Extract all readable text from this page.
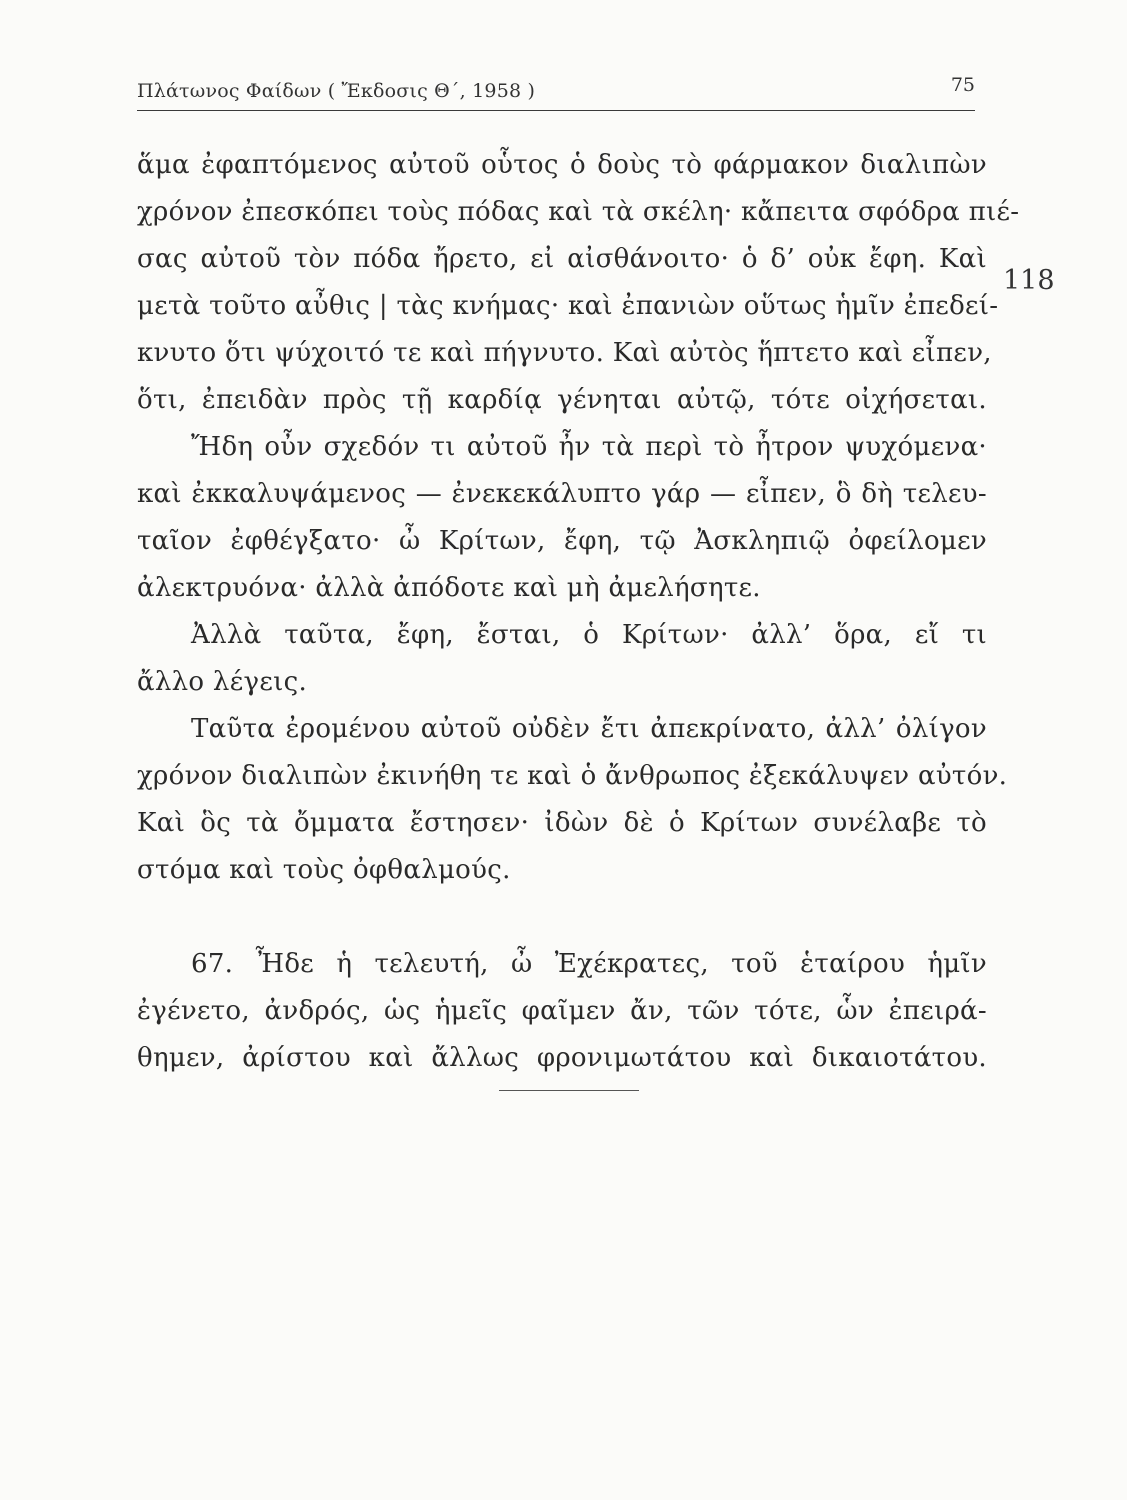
Πλάτωνος Φαίδων ( Ἔκδοσις Θ΄, 1958 )	75
118
ἅμα ἐφαπτόμενος αὐτοῦ οὗτος ὁ δοὺς τὸ φάρμακον διαλιπὼν
χρόνον ἐπεσκόπει τοὺς πόδας καὶ τὰ σκέλη· κἄπειτα σφόδρα πιέ-
σας αὐτοῦ τὸν πόδα ἤρετο, εἰ αἰσθάνοιτο· ὁ δ’ οὐκ ἔφη. Καὶ
μετὰ τοῦτο αὖθις | τὰς κνήμας· καὶ ἐπανιὼν οὕτως ἡμῖν ἐπεδεί-
κνυτο ὅτι ψύχοιτό τε καὶ πήγνυτο. Καὶ αὐτὸς ἥπτετο καὶ εἶπεν,
ὅτι, ἐπειδὰν πρὸς τῇ καρδίᾳ γένηται αὐτῷ, τότε οἰχήσεται.
Ἤδη οὖν σχεδόν τι αὐτοῦ ἦν τὰ περὶ τὸ ἦτρον ψυχόμενα·
καὶ ἐκκαλυψάμενος — ἐνεκεκάλυπτο γάρ — εἶπεν, ὃ δὴ τελευ-
ταῖον ἐφθέγξατο· ὦ Κρίτων, ἔφη, τῷ Ἀσκληπιῷ ὀφείλομεν
ἀλεκτρυόνα· ἀλλὰ ἀπόδοτε καὶ μὴ ἀμελήσητε.
Ἀλλὰ ταῦτα, ἔφη, ἔσται, ὁ Κρίτων· ἀλλ’ ὅρα, εἴ τι
ἄλλο λέγεις.
Ταῦτα ἐρομένου αὐτοῦ οὐδὲν ἔτι ἀπεκρίνατο, ἀλλ’ ὀλίγον
χρόνον διαλιπὼν ἐκινήθη τε καὶ ὁ ἄνθρωπος ἐξεκάλυψεν αὐτόν.
Καὶ ὃς τὰ ὄμματα ἔστησεν· ἰδὼν δὲ ὁ Κρίτων συνέλαβε τὸ
στόμα καὶ τοὺς ὀφθαλμούς.
67. Ἦδε ἡ τελευτή, ὦ Ἐχέκρατες, τοῦ ἑταίρου ἡμῖν
ἐγένετο, ἀνδρός, ὡς ἡμεῖς φαῖμεν ἄν, τῶν τότε, ὧν ἐπειρά-
θημεν, ἀρίστου καὶ ἄλλως φρονιμωτάτου καὶ δικαιοτάτου.
